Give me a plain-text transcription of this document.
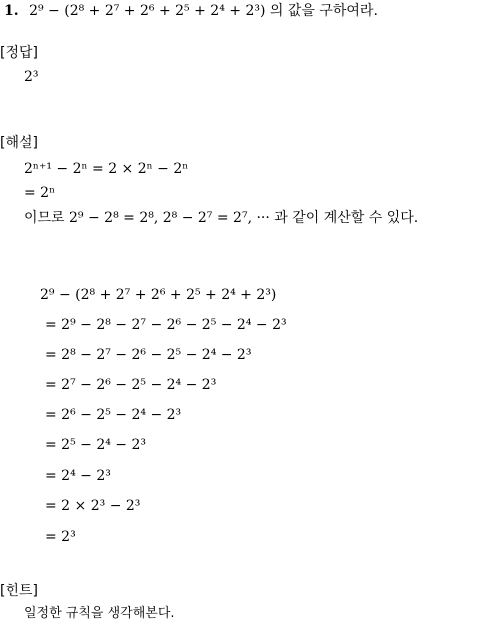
1. 2⁹ − (2⁸ + 2⁷ + 2⁶ + 2⁵ + 2⁴ + 2³) 의 값을 구하여라.
[정답]
2³
[해설]
2ⁿ⁺¹ − 2ⁿ = 2 × 2ⁿ − 2ⁿ
= 2ⁿ
이므로 2⁹ − 2⁸ = 2⁸, 2⁸ − 2⁷ = 2⁷, ··· 과 같이 계산할 수 있다.
2⁹ − (2⁸ + 2⁷ + 2⁶ + 2⁵ + 2⁴ + 2³)
= 2⁹ − 2⁸ − 2⁷ − 2⁶ − 2⁵ − 2⁴ − 2³
= 2⁸ − 2⁷ − 2⁶ − 2⁵ − 2⁴ − 2³
= 2⁷ − 2⁶ − 2⁵ − 2⁴ − 2³
= 2⁶ − 2⁵ − 2⁴ − 2³
= 2⁵ − 2⁴ − 2³
= 2⁴ − 2³
= 2 × 2³ − 2³
= 2³
[힌트]
일정한 규칙을 생각해본다.
